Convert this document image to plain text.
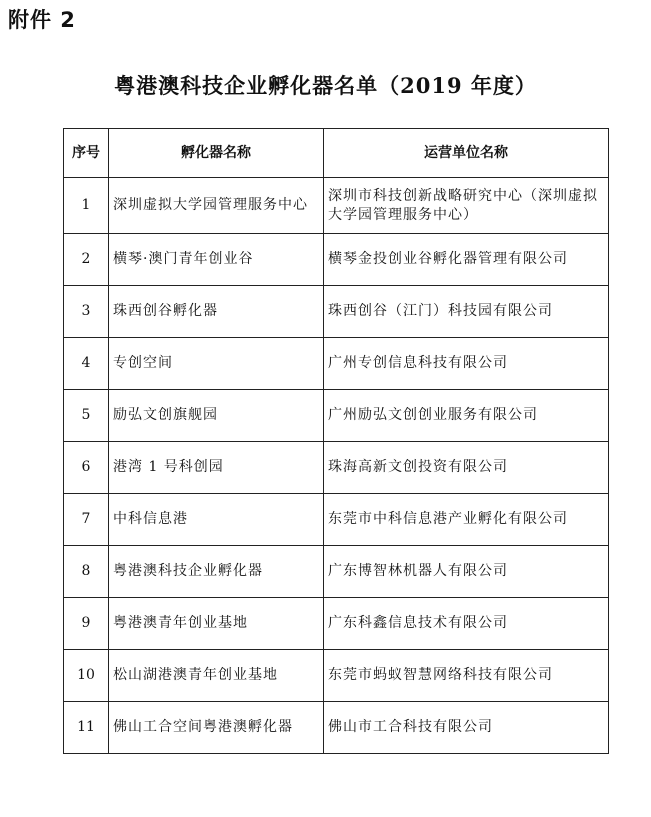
附件 2
粤港澳科技企业孵化器名单（2019 年度）
序号	孵化器名称	运营单位名称
1	深圳虚拟大学园管理服务中心	深圳市科技创新战略研究中心（深圳虚拟大学园管理服务中心）
2	横琴·澳门青年创业谷	横琴金投创业谷孵化器管理有限公司
3	珠西创谷孵化器	珠西创谷（江门）科技园有限公司
4	专创空间	广州专创信息科技有限公司
5	励弘文创旗舰园	广州励弘文创创业服务有限公司
6	港湾 1 号科创园	珠海高新文创投资有限公司
7	中科信息港	东莞市中科信息港产业孵化有限公司
8	粤港澳科技企业孵化器	广东博智林机器人有限公司
9	粤港澳青年创业基地	广东科鑫信息技术有限公司
10	松山湖港澳青年创业基地	东莞市蚂蚁智慧网络科技有限公司
11	佛山工合空间粤港澳孵化器	佛山市工合科技有限公司
